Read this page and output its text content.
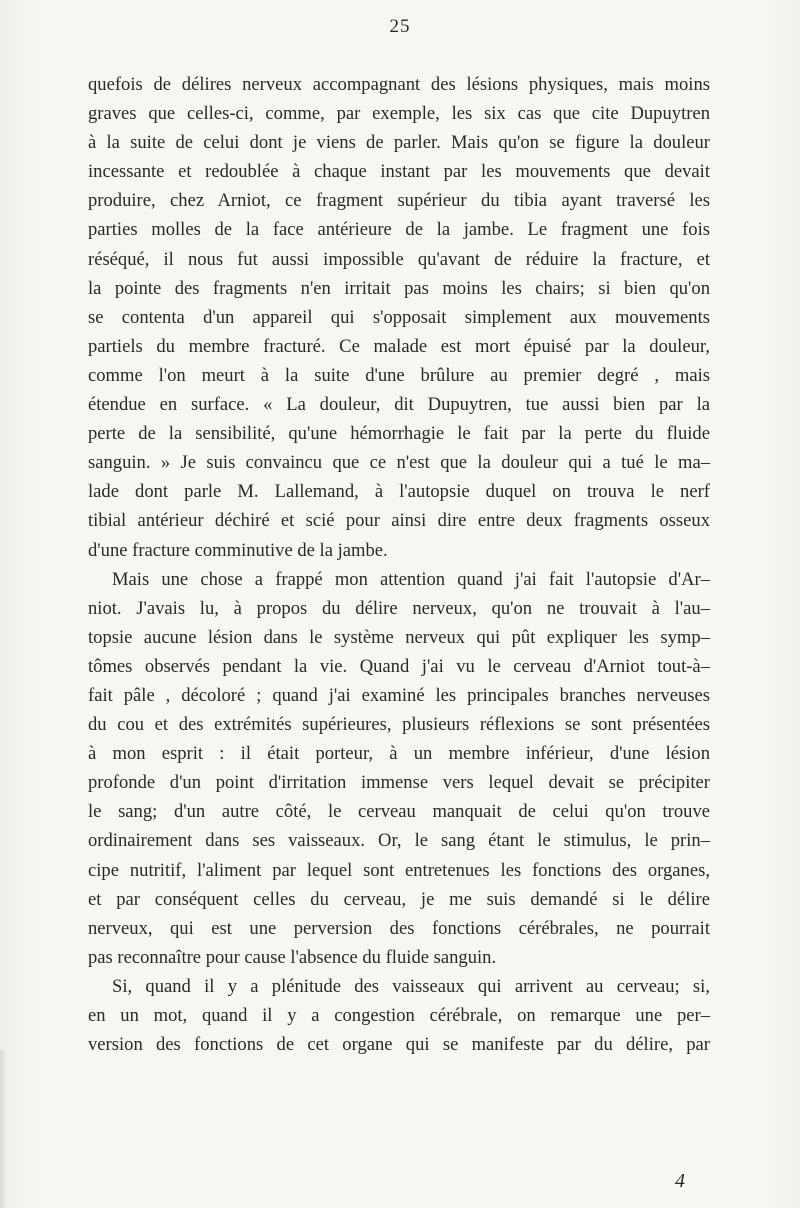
25
quefois de délires nerveux accompagnant des lésions physiques, mais moins
graves que celles-ci, comme, par exemple, les six cas que cite Dupuytren
à la suite de celui dont je viens de parler. Mais qu'on se figure la douleur
incessante et redoublée à chaque instant par les mouvements que devait
produire, chez Arniot, ce fragment supérieur du tibia ayant traversé les
parties molles de la face antérieure de la jambe. Le fragment une fois
réséqué, il nous fut aussi impossible qu'avant de réduire la fracture, et
la pointe des fragments n'en irritait pas moins les chairs; si bien qu'on
se contenta d'un appareil qui s'opposait simplement aux mouvements
partiels du membre fracturé. Ce malade est mort épuisé par la douleur,
comme l'on meurt à la suite d'une brûlure au premier degré , mais
étendue en surface. « La douleur, dit Dupuytren, tue aussi bien par la
perte de la sensibilité, qu'une hémorrhagie le fait par la perte du fluide
sanguin. » Je suis convaincu que ce n'est que la douleur qui a tué le ma–
lade dont parle M. Lallemand, à l'autopsie duquel on trouva le nerf
tibial antérieur déchiré et scié pour ainsi dire entre deux fragments osseux
d'une fracture comminutive de la jambe.
Mais une chose a frappé mon attention quand j'ai fait l'autopsie d'Ar–
niot. J'avais lu, à propos du délire nerveux, qu'on ne trouvait à l'au–
topsie aucune lésion dans le système nerveux qui pût expliquer les symp–
tômes observés pendant la vie. Quand j'ai vu le cerveau d'Arniot tout-à–
fait pâle , décoloré ; quand j'ai examiné les principales branches nerveuses
du cou et des extrémités supérieures, plusieurs réflexions se sont présentées
à mon esprit : il était porteur, à un membre inférieur, d'une lésion
profonde d'un point d'irritation immense vers lequel devait se précipiter
le sang; d'un autre côté, le cerveau manquait de celui qu'on trouve
ordinairement dans ses vaisseaux. Or, le sang étant le stimulus, le prin–
cipe nutritif, l'aliment par lequel sont entretenues les fonctions des organes,
et par conséquent celles du cerveau, je me suis demandé si le délire
nerveux, qui est une perversion des fonctions cérébrales, ne pourrait
pas reconnaître pour cause l'absence du fluide sanguin.
Si, quand il y a plénitude des vaisseaux qui arrivent au cerveau; si,
en un mot, quand il y a congestion cérébrale, on remarque une per–
version des fonctions de cet organe qui se manifeste par du délire, par
4
